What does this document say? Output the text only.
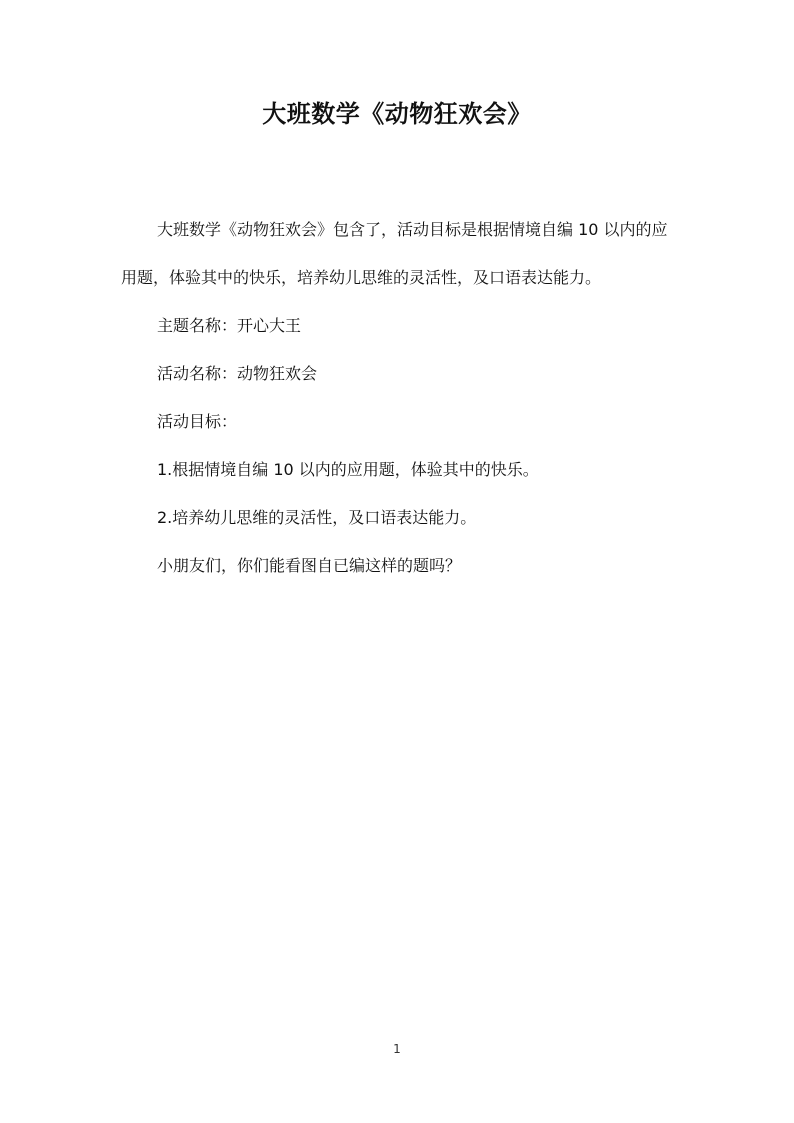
大班数学《动物狂欢会》

大班数学《动物狂欢会》包含了，活动目标是根据情境自编 10 以内的应用题，体验其中的快乐，培养幼儿思维的灵活性，及口语表达能力。

主题名称：开心大王

活动名称：动物狂欢会

活动目标：

1.根据情境自编 10 以内的应用题，体验其中的快乐。

2.培养幼儿思维的灵活性，及口语表达能力。

小朋友们，你们能看图自已编这样的题吗？

1
